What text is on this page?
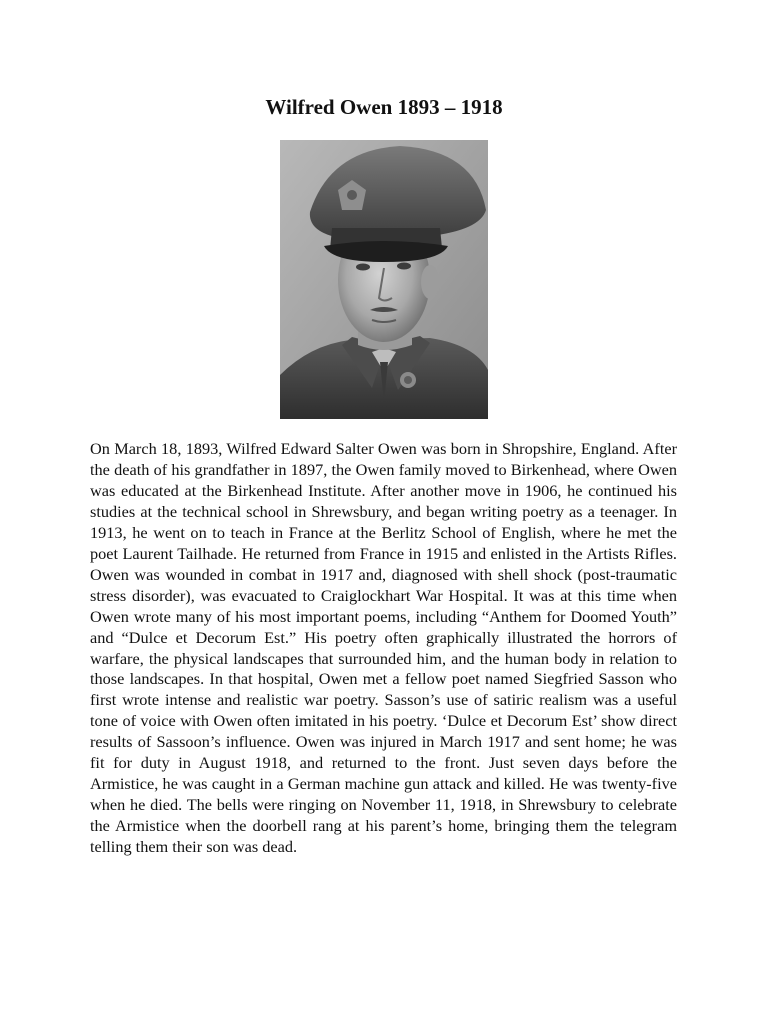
Wilfred Owen 1893 – 1918

On March 18, 1893, Wilfred Edward Salter Owen was born in Shropshire, England. After the death of his grandfather in 1897, the Owen family moved to Birkenhead, where Owen was educated at the Birkenhead Institute. After another move in 1906, he continued his studies at the technical school in Shrewsbury, and began writing poetry as a teenager. In 1913, he went on to teach in France at the Berlitz School of English, where he met the poet Laurent Tailhade. He returned from France in 1915 and enlisted in the Artists Rifles. Owen was wounded in combat in 1917 and, diagnosed with shell shock (post-traumatic stress disorder), was evacuated to Craiglockhart War Hospital. It was at this time when Owen wrote many of his most important poems, including “Anthem for Doomed Youth” and “Dulce et Decorum Est.” His poetry often graphically illustrated the horrors of warfare, the physical landscapes that surrounded him, and the human body in relation to those landscapes. In that hospital, Owen met a fellow poet named Siegfried Sasson who first wrote intense and realistic war poetry. Sasson’s use of satiric realism was a useful tone of voice with Owen often imitated in his poetry. ‘Dulce et Decorum Est’ show direct results of Sassoon’s influence. Owen was injured in March 1917 and sent home; he was fit for duty in August 1918, and returned to the front. Just seven days before the Armistice, he was caught in a German machine gun attack and killed. He was twenty-five when he died. The bells were ringing on November 11, 1918, in Shrewsbury to celebrate the Armistice when the doorbell rang at his parent’s home, bringing them the telegram telling them their son was dead.
